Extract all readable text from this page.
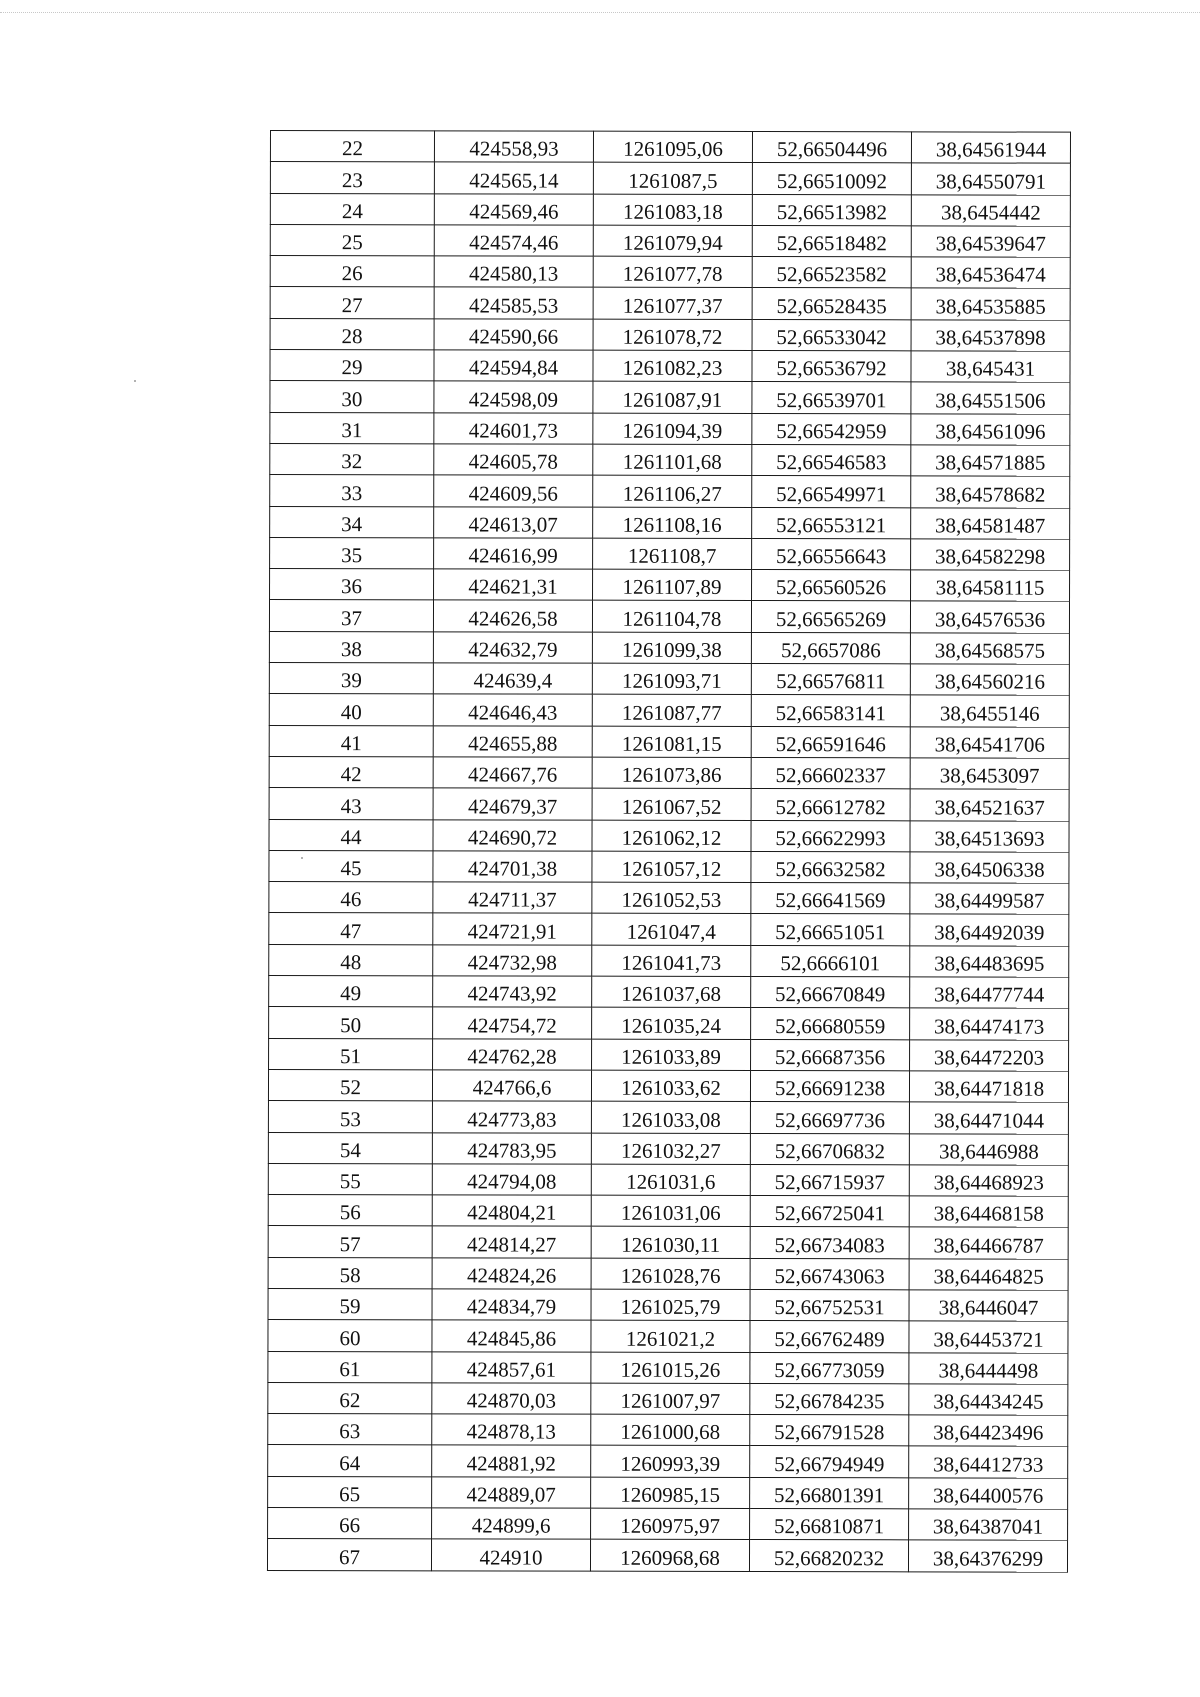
22	424558,93	1261095,06	52,66504496	38,64561944
23	424565,14	1261087,5	52,66510092	38,64550791
24	424569,46	1261083,18	52,66513982	38,6454442
25	424574,46	1261079,94	52,66518482	38,64539647
26	424580,13	1261077,78	52,66523582	38,64536474
27	424585,53	1261077,37	52,66528435	38,64535885
28	424590,66	1261078,72	52,66533042	38,64537898
29	424594,84	1261082,23	52,66536792	38,645431
30	424598,09	1261087,91	52,66539701	38,64551506
31	424601,73	1261094,39	52,66542959	38,64561096
32	424605,78	1261101,68	52,66546583	38,64571885
33	424609,56	1261106,27	52,66549971	38,64578682
34	424613,07	1261108,16	52,66553121	38,64581487
35	424616,99	1261108,7	52,66556643	38,64582298
36	424621,31	1261107,89	52,66560526	38,64581115
37	424626,58	1261104,78	52,66565269	38,64576536
38	424632,79	1261099,38	52,6657086	38,64568575
39	424639,4	1261093,71	52,66576811	38,64560216
40	424646,43	1261087,77	52,66583141	38,6455146
41	424655,88	1261081,15	52,66591646	38,64541706
42	424667,76	1261073,86	52,66602337	38,6453097
43	424679,37	1261067,52	52,66612782	38,64521637
44	424690,72	1261062,12	52,66622993	38,64513693
45	424701,38	1261057,12	52,66632582	38,64506338
46	424711,37	1261052,53	52,66641569	38,64499587
47	424721,91	1261047,4	52,66651051	38,64492039
48	424732,98	1261041,73	52,6666101	38,64483695
49	424743,92	1261037,68	52,66670849	38,64477744
50	424754,72	1261035,24	52,66680559	38,64474173
51	424762,28	1261033,89	52,66687356	38,64472203
52	424766,6	1261033,62	52,66691238	38,64471818
53	424773,83	1261033,08	52,66697736	38,64471044
54	424783,95	1261032,27	52,66706832	38,6446988
55	424794,08	1261031,6	52,66715937	38,64468923
56	424804,21	1261031,06	52,66725041	38,64468158
57	424814,27	1261030,11	52,66734083	38,64466787
58	424824,26	1261028,76	52,66743063	38,64464825
59	424834,79	1261025,79	52,66752531	38,6446047
60	424845,86	1261021,2	52,66762489	38,64453721
61	424857,61	1261015,26	52,66773059	38,6444498
62	424870,03	1261007,97	52,66784235	38,64434245
63	424878,13	1261000,68	52,66791528	38,64423496
64	424881,92	1260993,39	52,66794949	38,64412733
65	424889,07	1260985,15	52,66801391	38,64400576
66	424899,6	1260975,97	52,66810871	38,64387041
67	424910	1260968,68	52,66820232	38,64376299
